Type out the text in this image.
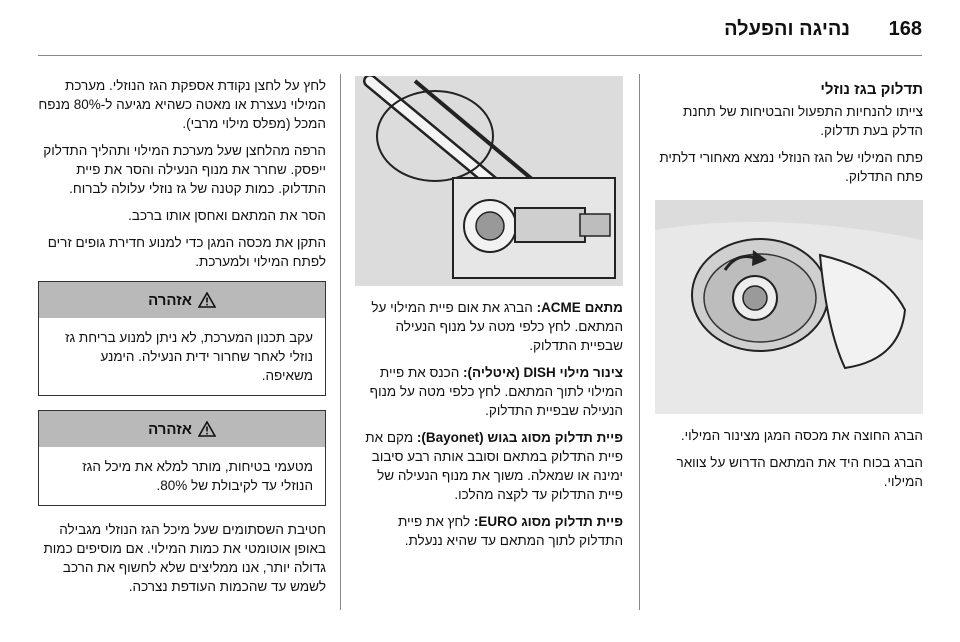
168
נהיגה והפעלה
תדלוק בגז נוזלי

צייתו להנחיות התפעול והבטיחות של תחנת הדלק בעת תדלוק.

פתח המילוי של הגז הנוזלי נמצא מאחורי דלתית פתח התדלוק.

הברג החוצה את מכסה המגן מצינור המילוי.

הברג בכוח היד את המתאם הדרוש על צוואר המילוי.

מתאם ACME: הברג את אום פיית המילוי על המתאם. לחץ כלפי מטה על מנוף הנעילה שבפיית התדלוק.

צינור מילוי DISH (איטליה): הכנס את פיית המילוי לתוך המתאם. לחץ כלפי מטה על מנוף הנעילה שבפיית התדלוק.

פיית תדלוק מסוג בגוש (Bayonet): מקם את פיית התדלוק במתאם וסובב אותה רבע סיבוב ימינה או שמאלה. משוך את מנוף הנעילה של פיית התדלוק עד לקצה מהלכו.

פיית תדלוק מסוג EURO: לחץ את פיית התדלוק לתוך המתאם עד שהיא ננעלת.

לחץ על לחצן נקודת אספקת הגז הנוזלי. מערכת המילוי נעצרת או מאטה כשהיא מגיעה ל-80% מנפח המכל (מפלס מילוי מרבי).

הרפה מהלחצן שעל מערכת המילוי ותהליך התדלוק ייפסק. שחרר את מנוף הנעילה והסר את פיית התדלוק. כמות קטנה של גז נוזלי עלולה לברוח.

הסר את המתאם ואחסן אותו ברכב.

התקן את מכסה המגן כדי למנוע חדירת גופים זרים לפתח המילוי ולמערכת.

אזהרה
עקב תכנון המערכת, לא ניתן למנוע בריחת גז נוזלי לאחר שחרור ידית הנעילה. הימנע משאיפה.
אזהרה
מטעמי בטיחות, מותר למלא את מיכל הגז הנוזלי עד לקיבולת של 80%.

חטיבת השסתומים שעל מיכל הגז הנוזלי מגבילה באופן אוטומטי את כמות המילוי. אם מוסיפים כמות גדולה יותר, אנו ממליצים שלא לחשוף את הרכב לשמש עד שהכמות העודפת נצרכה.
